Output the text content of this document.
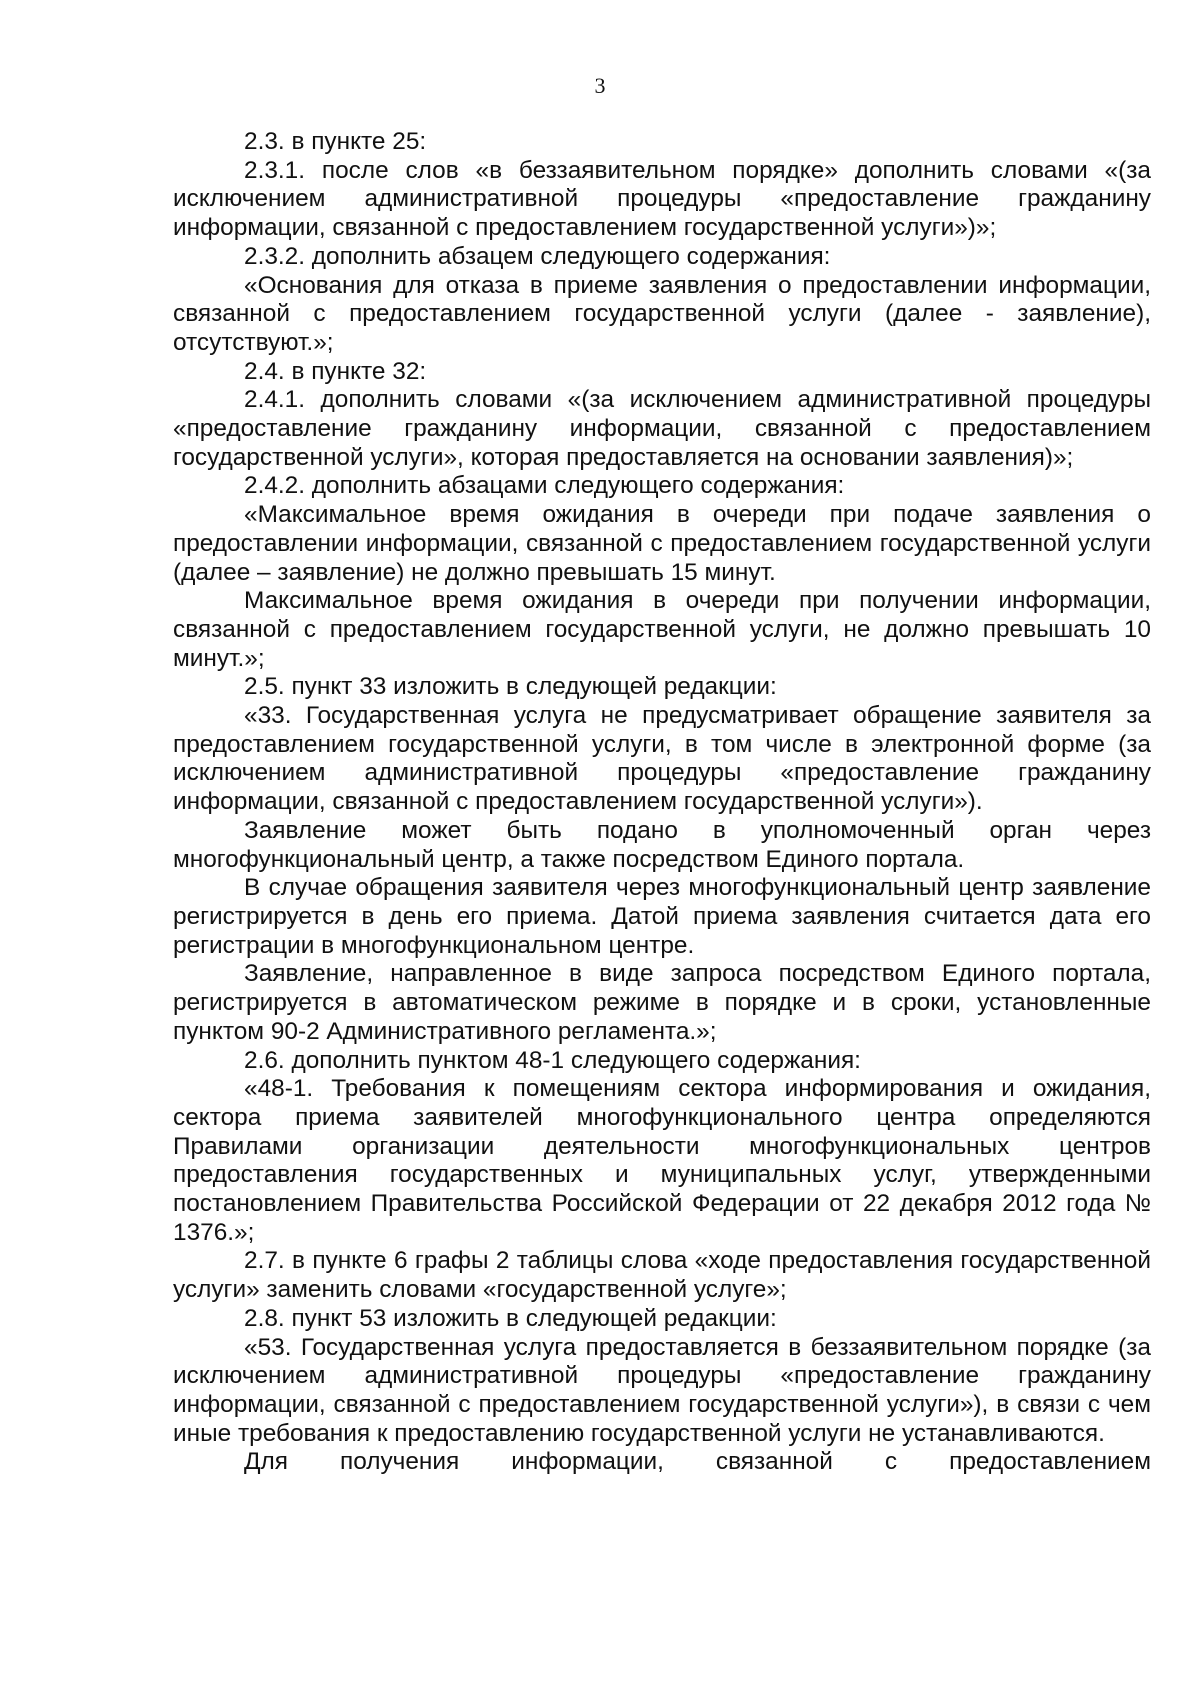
3

2.3. в пункте 25:

2.3.1. после слов «в беззаявительном порядке» дополнить словами «(за исключением административной процедуры «предоставление гражданину информации, связанной с предоставлением государственной услуги»)»;

2.3.2. дополнить абзацем следующего содержания:

«Основания для отказа в приеме заявления о предоставлении информации, связанной с предоставлением государственной услуги (далее - заявление), отсутствуют.»;

2.4. в пункте 32:

2.4.1. дополнить словами «(за исключением административной процедуры «предоставление гражданину информации, связанной с предоставлением государственной услуги», которая предоставляется на основании заявления)»;

2.4.2. дополнить абзацами следующего содержания:

«Максимальное время ожидания в очереди при подаче заявления о предоставлении информации, связанной с предоставлением государственной услуги (далее – заявление) не должно превышать 15 минут.

Максимальное время ожидания в очереди при получении информации, связанной с предоставлением государственной услуги, не должно превышать 10 минут.»;

2.5. пункт 33 изложить в следующей редакции:

«33. Государственная услуга не предусматривает обращение заявителя за предоставлением государственной услуги, в том числе в электронной форме (за исключением административной процедуры «предоставление гражданину информации, связанной с предоставлением государственной услуги»).

Заявление может быть подано в уполномоченный орган через многофункциональный центр, а также посредством Единого портала.

В случае обращения заявителя через многофункциональный центр заявление регистрируется в день его приема. Датой приема заявления считается дата его регистрации в многофункциональном центре.

Заявление, направленное в виде запроса посредством Единого портала, регистрируется в автоматическом режиме в порядке и в сроки, установленные пунктом 90-2 Административного регламента.»;

2.6. дополнить пунктом 48-1 следующего содержания:

«48-1. Требования к помещениям сектора информирования и ожидания, сектора приема заявителей многофункционального центра определяются Правилами организации деятельности многофункциональных центров предоставления государственных и муниципальных услуг, утвержденными постановлением Правительства Российской Федерации от 22 декабря 2012 года № 1376.»;

2.7. в пункте 6 графы 2 таблицы слова «ходе предоставления государственной услуги» заменить словами «государственной услуге»;

2.8. пункт 53 изложить в следующей редакции:

«53. Государственная услуга предоставляется в беззаявительном порядке (за исключением административной процедуры «предоставление гражданину информации, связанной с предоставлением государственной услуги»), в связи с чем иные требования к предоставлению государственной услуги не устанавливаются.

Для получения информации, связанной с предоставлением
